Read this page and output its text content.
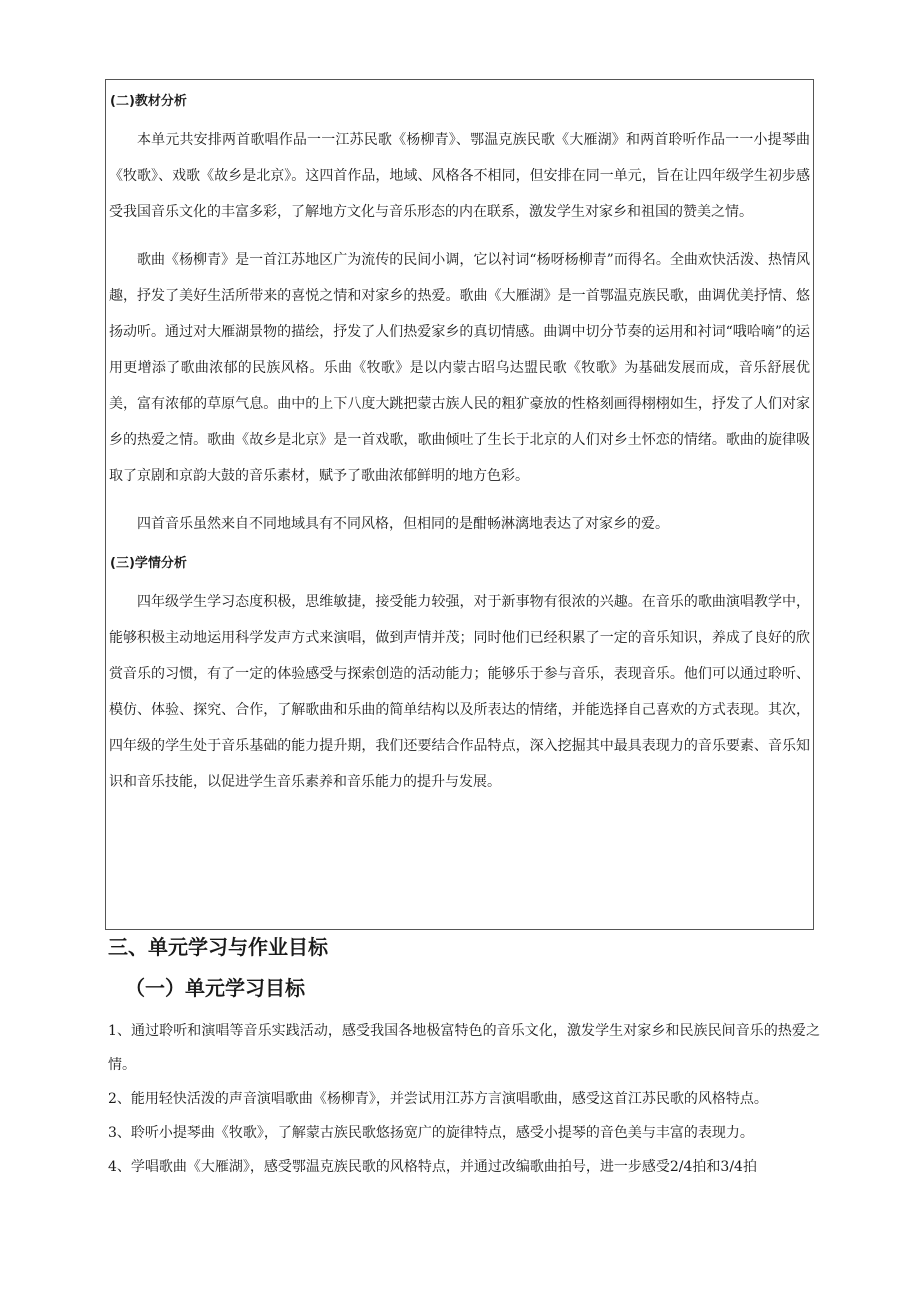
(二)教材分析

本单元共安排两首歌唱作品一一江苏民歌《杨柳青》、鄂温克族民歌《大雁湖》和两首聆听作品一一小提琴曲《牧歌》、戏歌《故乡是北京》。这四首作品，地域、风格各不相同，但安排在同一单元，旨在让四年级学生初步感受我国音乐文化的丰富多彩，了解地方文化与音乐形态的内在联系，激发学生对家乡和祖国的赞美之情。

歌曲《杨柳青》是一首江苏地区广为流传的民间小调，它以衬词“杨呀杨柳青”而得名。全曲欢快活泼、热情风趣，抒发了美好生活所带来的喜悦之情和对家乡的热爱。歌曲《大雁湖》是一首鄂温克族民歌，曲调优美抒情、悠扬动听。通过对大雁湖景物的描绘，抒发了人们热爱家乡的真切情感。曲调中切分节奏的运用和衬词“哦哈嘀”的运用更增添了歌曲浓郁的民族风格。乐曲《牧歌》是以内蒙古昭乌达盟民歌《牧歌》为基础发展而成，音乐舒展优美，富有浓郁的草原气息。曲中的上下八度大跳把蒙古族人民的粗犷豪放的性格刻画得栩栩如生，抒发了人们对家乡的热爱之情。歌曲《故乡是北京》是一首戏歌，歌曲倾吐了生长于北京的人们对乡土怀恋的情绪。歌曲的旋律吸取了京剧和京韵大鼓的音乐素材，赋予了歌曲浓郁鲜明的地方色彩。

四首音乐虽然来自不同地域具有不同风格，但相同的是酣畅淋漓地表达了对家乡的爱。

(三)学情分析

四年级学生学习态度积极，思维敏捷，接受能力较强，对于新事物有很浓的兴趣。在音乐的歌曲演唱教学中，能够积极主动地运用科学发声方式来演唱，做到声情并茂；同时他们已经积累了一定的音乐知识，养成了良好的欣赏音乐的习惯，有了一定的体验感受与探索创造的活动能力；能够乐于参与音乐，表现音乐。他们可以通过聆听、模仿、体验、探究、合作，了解歌曲和乐曲的简单结构以及所表达的情绪，并能选择自己喜欢的方式表现。其次，四年级的学生处于音乐基础的能力提升期，我们还要结合作品特点，深入挖掘其中最具表现力的音乐要素、音乐知识和音乐技能，以促进学生音乐素养和音乐能力的提升与发展。

三、单元学习与作业目标
（一）单元学习目标

1、通过聆听和演唱等音乐实践活动，感受我国各地极富特色的音乐文化，激发学生对家乡和民族民间音乐的热爱之情。

2、能用轻快活泼的声音演唱歌曲《杨柳青》，并尝试用江苏方言演唱歌曲，感受这首江苏民歌的风格特点。

3、聆听小提琴曲《牧歌》，了解蒙古族民歌悠扬宽广的旋律特点，感受小提琴的音色美与丰富的表现力。

4、学唱歌曲《大雁湖》，感受鄂温克族民歌的风格特点，并通过改编歌曲拍号，进一步感受2/4拍和3/4拍
